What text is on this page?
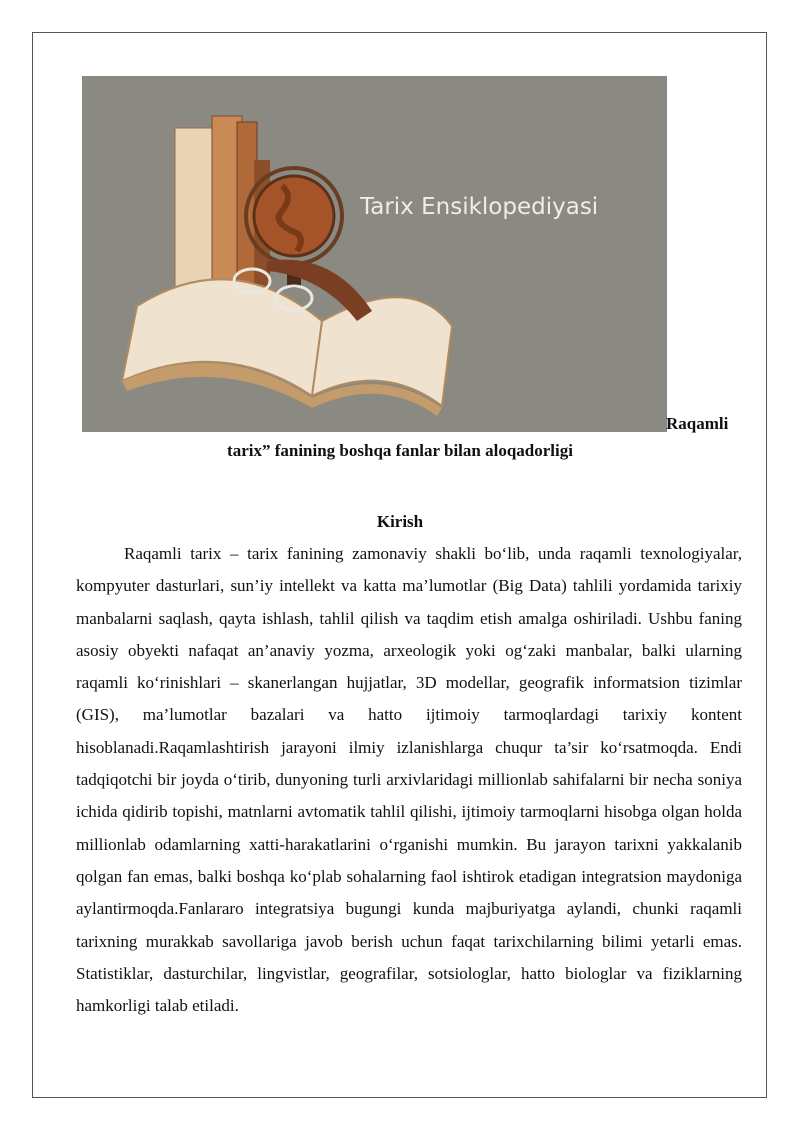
Tarix Ensiklopediyasi
Raqamli
tarix” fanining boshqa fanlar bilan aloqadorligi
Kirish

Raqamli tarix – tarix fanining zamonaviy shakli bo‘lib, unda raqamli texnologiyalar, kompyuter dasturlari, sun’iy intellekt va katta ma’lumotlar (Big Data) tahlili yordamida tarixiy manbalarni saqlash, qayta ishlash, tahlil qilish va taqdim etish amalga oshiriladi. Ushbu faning asosiy obyekti nafaqat an’anaviy yozma, arxeologik yoki og‘zaki manbalar, balki ularning raqamli ko‘rinishlari – skanerlangan hujjatlar, 3D modellar, geografik informatsion tizimlar (GIS), ma’lumotlar bazalari va hatto ijtimoiy tarmoqlardagi tarixiy kontent hisoblanadi.Raqamlashtirish jarayoni ilmiy izlanishlarga chuqur ta’sir ko‘rsatmoqda. Endi tadqiqotchi bir joyda o‘tirib, dunyoning turli arxivlaridagi millionlab sahifalarni bir necha soniya ichida qidirib topishi, matnlarni avtomatik tahlil qilishi, ijtimoiy tarmoqlarni hisobga olgan holda millionlab odamlarning xatti-harakatlarini o‘rganishi mumkin. Bu jarayon tarixni yakkalanib qolgan fan emas, balki boshqa ko‘plab sohalarning faol ishtirok etadigan integratsion maydoniga aylantirmoqda.Fanlararo integratsiya bugungi kunda majburiyatga aylandi, chunki raqamli tarixning murakkab savollariga javob berish uchun faqat tarixchilarning bilimi yetarli emas. Statistiklar, dasturchilar, lingvistlar, geografilar, sotsiologlar, hatto biologlar va fiziklarning hamkorligi talab etiladi.
